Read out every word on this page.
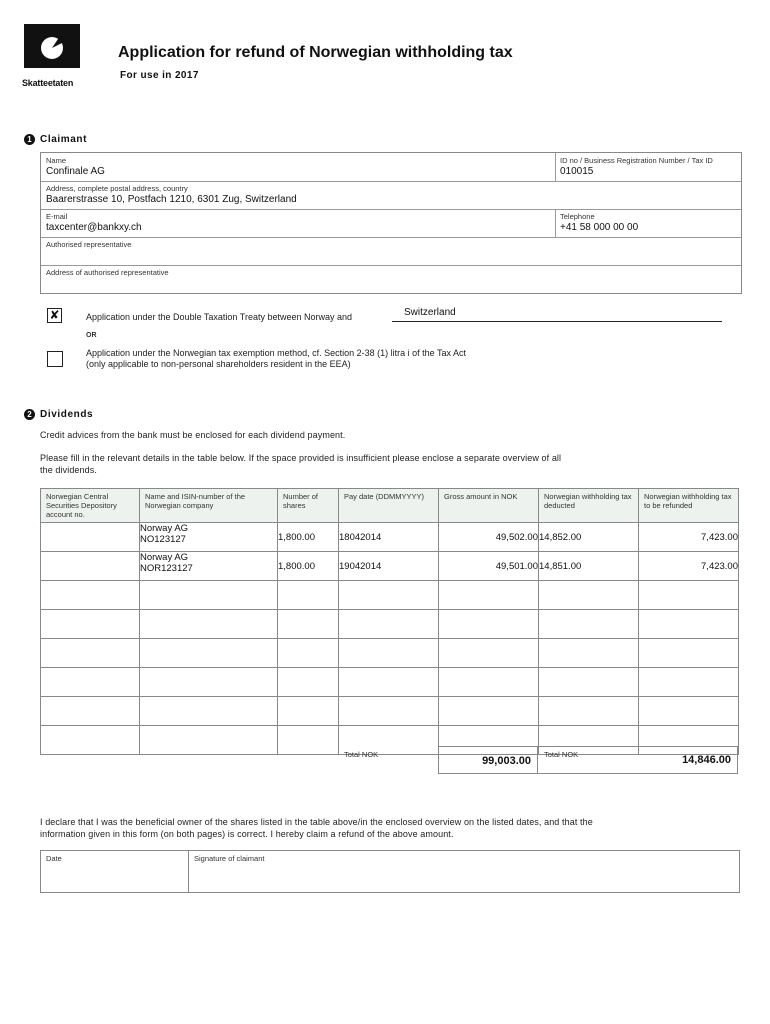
Skatteetaten
Application for refund of Norwegian withholding tax
For use in 2017
1 Claimant
Name
Confinale AG
ID no / Business Registration Number / Tax ID
010015
Address, complete postal address, country
Baarerstrasse 10, Postfach 1210, 6301 Zug, Switzerland
E-mail
taxcenter@bankxy.ch
Telephone
+41 58 000 00 00
Authorised representative
Address of authorised representative
✘	Application under the Double Taxation Treaty between Norway and	Switzerland
OR
Application under the Norwegian tax exemption method, cf. Section 2-38 (1) litra i of the Tax Act
(only applicable to non-personal shareholders resident in the EEA)
2 Dividends
Credit advices from the bank must be enclosed for each dividend payment.
Please fill in the relevant details in the table below. If the space provided is insufficient please enclose a separate overview of all
the dividends.
Norwegian Central Securities Depository account no.	Name and ISIN-number of the Norwegian company	Number of shares	Pay date (DDMMYYYY)	Gross amount in NOK	Norwegian withholding tax deducted	Norwegian withholding tax to be refunded

	Norway AG
NO123127	1,800.00	18042014	49,502.00	14,852.00	7,423.00

	Norway AG
NOR123127	1,800.00	19042014	49,501.00	14,851.00	7,423.00

Total NOK
99,003.00
Total NOK	14,846.00
I declare that I was the beneficial owner of the shares listed in the table above/in the enclosed overview on the listed dates, and that the
information given in this form (on both pages) is correct. I hereby claim a refund of the above amount.
Date	Signature of claimant
